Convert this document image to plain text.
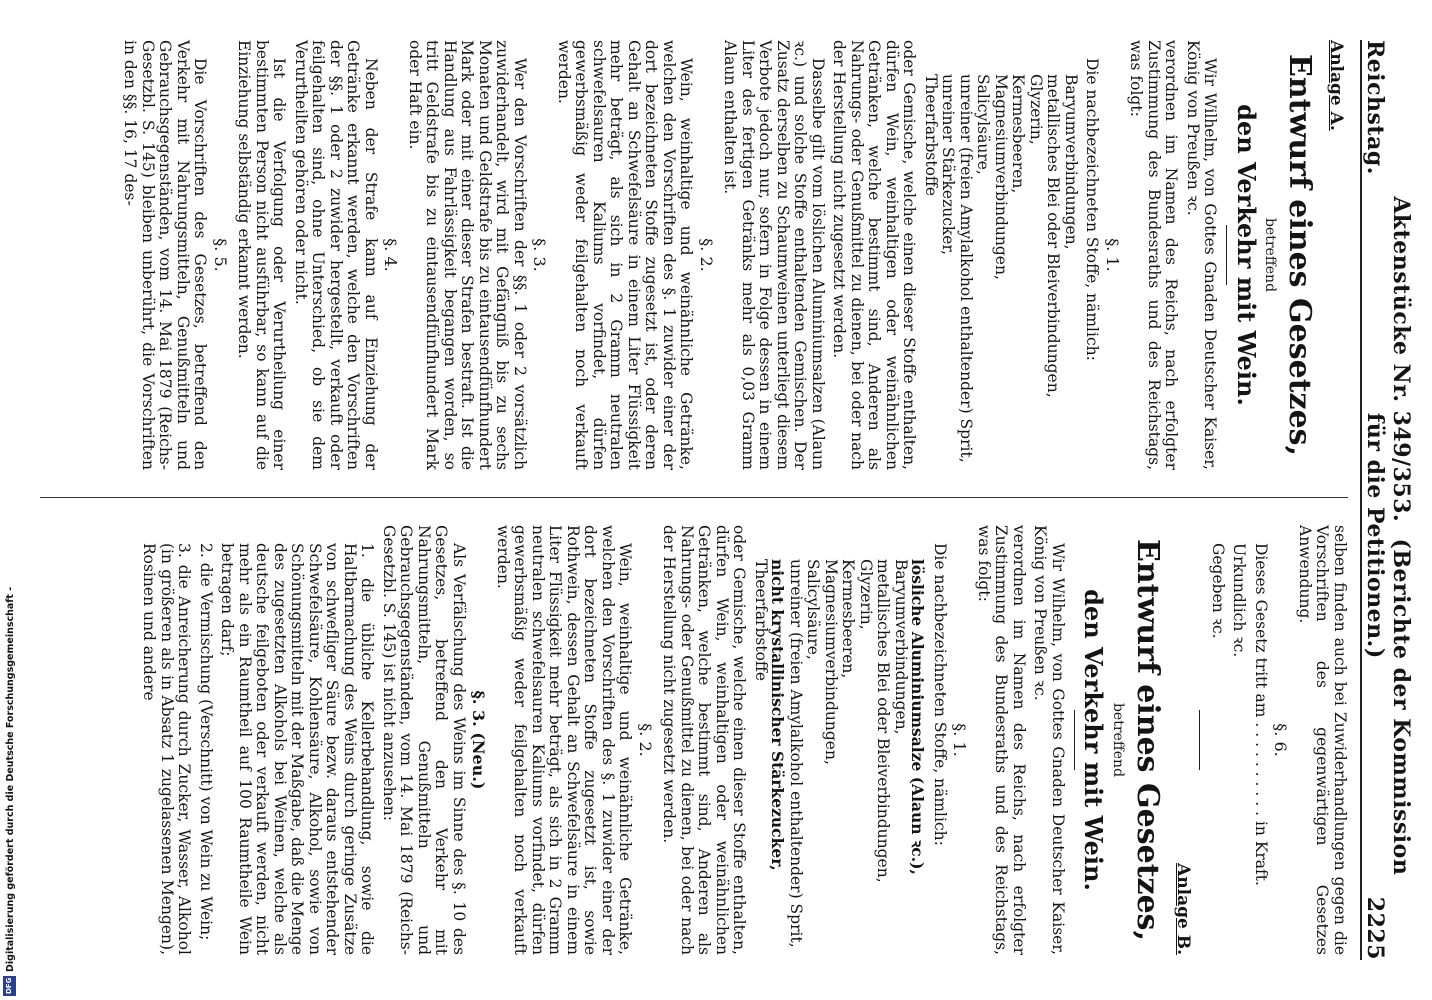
Reichstag.
Aktenstücke Nr. 349/353.  (Berichte der Kommission für die Petitionen.)
2225
Anlage A.
Entwurf eines Gesetzes,
betreffend
den Verkehr mit Wein.

Wir Wilhelm, von Gottes Gnaden Deutscher Kaiser, König von Preußen ꝛc.

verordnen im Namen des Reichs, nach erfolgter Zustimmung des Bundesraths und des Reichstags, was folgt:

§. 1.

Die nachbezeichneten Stoffe, nämlich:

Baryumverbindungen,
metallisches Blei oder Bleiverbindungen,
Glyzerin,
Kermesbeeren,
Magnesiumverbindungen,
Salicylsäure,
unreiner (freien Amylalkohol enthaltender) Sprit,
unreiner Stärkezucker,
Theerfarbstoffe

oder Gemische, welche einen dieser Stoffe enthalten, dürfen Wein, weinhaltigen oder weinähnlichen Getränken, welche bestimmt sind, Anderen als Nahrungs- oder Genußmittel zu dienen, bei oder nach der Herstellung nicht zugesetzt werden.

Dasselbe gilt vom löslichen Aluminiumsalzen (Alaun ꝛc.) und solche Stoffe enthaltenden Gemischen. Der Zusatz derselben zu Schaumweinen unterliegt diesem Verbote jedoch nur, sofern in Folge dessen in einem Liter des fertigen Getränks mehr als 0,03 Gramm Alaun enthalten ist.

§. 2.

Wein, weinhaltige und weinähnliche Getränke, welchen den Vorschriften des §. 1 zuwider einer der dort bezeichneten Stoffe zugesetzt ist, oder deren Gehalt an Schwefelsäure in einem Liter Flüssigkeit mehr beträgt, als sich in 2 Gramm neutralen schwefelsauren Kaliums vorfindet, dürfen gewerbsmäßig weder feilgehalten noch verkauft werden.

§. 3.

Wer den Vorschriften der §§. 1 oder 2 vorsätzlich zuwiderhandelt, wird mit Gefängniß bis zu sechs Monaten und Geldstrafe bis zu eintausendfünfhundert Mark oder mit einer dieser Strafen bestraft. Ist die Handlung aus Fahrlässigkeit begangen worden, so tritt Geldstrafe bis zu eintausendfünfhundert Mark oder Haft ein.

§. 4.

Neben der Strafe kann auf Einziehung der Getränke erkannt werden, welche den Vorschriften der §§. 1 oder 2 zuwider hergestellt, verkauft oder feilgehalten sind, ohne Unterschied, ob sie dem Verurtheilten gehören oder nicht.

Ist die Verfolgung oder Verurtheilung einer bestimmten Person nicht ausführbar, so kann auf die Einziehung selbständig erkannt werden.

§. 5.

Die Vorschriften des Gesetzes, betreffend den Verkehr mit Nahrungsmitteln, Genußmitteln und Gebrauchsgegenständen, vom 14. Mai 1879 (Reichs-Gesetzbl. S. 145) bleiben unberührt, die Vorschriften in den §§. 16, 17 des-

selben finden auch bei Zuwiderhandlungen gegen die Vorschriften des gegenwärtigen Gesetzes Anwendung.

§. 6.

Dieses Gesetz tritt am . . . . . . . . . . in Kraft.

Urkundlich ꝛc.

Gegeben ꝛc.

Anlage B.
Entwurf eines Gesetzes,
betreffend
den Verkehr mit Wein.

Wir Wilhelm, von Gottes Gnaden Deutscher Kaiser, König von Preußen ꝛc.

verordnen im Namen des Reichs, nach erfolgter Zustimmung des Bundesraths und des Reichstags, was folgt:

§. 1.

Die nachbezeichneten Stoffe, nämlich:

lösliche Aluminiumsalze (Alaun ꝛc.),
Baryumverbindungen,
metallisches Blei oder Bleiverbindungen,
Glyzerin,
Kermesbeeren,
Magnesiumverbindungen,
Salicylsäure,
unreiner (freien Amylalkohol enthaltender) Sprit,
nicht krystallinischer Stärkezucker,
Theerfarbstoffe

oder Gemische, welche einen dieser Stoffe enthalten, dürfen Wein, weinhaltigen oder weinähnlichen Getränken, welche bestimmt sind, Anderen als Nahrungs- oder Genußmittel zu dienen, bei oder nach der Herstellung nicht zugesetzt werden.

§. 2.

Wein, weinhaltige und weinähnliche Getränke, welchen den Vorschriften des §. 1 zuwider einer der dort bezeichneten Stoffe zugesetzt ist, sowie Rothwein, dessen Gehalt an Schwefelsäure in einem Liter Flüssigkeit mehr beträgt, als sich in 2 Gramm neutralen schwefelsauren Kaliums vorfindet, dürfen gewerbsmäßig weder feilgehalten noch verkauft werden.

§. 3. (Neu.)

Als Verfälschung des Weins im Sinne des §. 10 des Gesetzes, betreffend den Verkehr mit Nahrungsmitteln, Genußmitteln und Gebrauchsgegenständen, vom 14. Mai 1879 (Reichs-Gesetzbl. S. 145) ist nicht anzusehen:

1. die übliche Kellerbehandlung, sowie die Haltbarmachung des Weins durch geringe Zusätze von schwefliger Säure bezw. daraus entstehender Schwefelsäure, Kohlensäure, Alkohol, sowie von Schönungsmitteln mit der Maßgabe, daß die Menge des zugesetzten Alkohols bei Weinen, welche als deutsche feilgeboten oder verkauft werden, nicht mehr als ein Raumtheil auf 100 Raumtheile Wein betragen darf;

2. die Vermischung (Verschnitt) von Wein zu Wein;

3. die Anreicherung durch Zucker, Wasser, Alkohol (in größeren als in Absatz 1 zugelassenen Mengen), Rosinen und andere

Digitalisierung gefördert durch die Deutsche Forschungsgemeinschaft -
DFG
